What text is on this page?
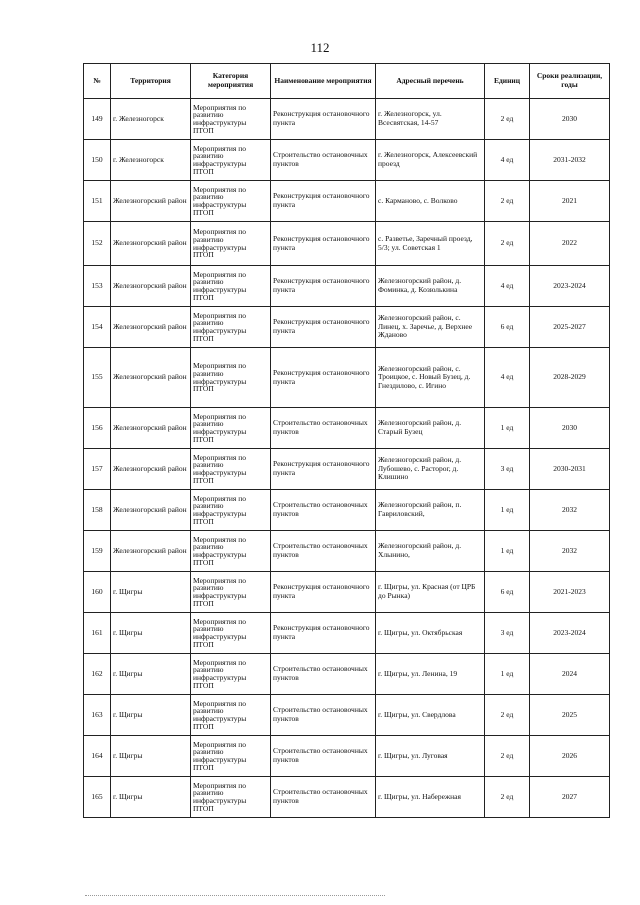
112
№	Территория	Категория мероприятия	Наименование мероприятия	Адресный перечень	Единиц	Сроки реализации, годы
149	г. Железногорск	Мероприятия по развитию инфраструктуры ПТОП	Реконструкция остановочного пункта	г. Железногорск, ул. Всесвятская, 14-57	2 ед	2030
150	г. Железногорск	Мероприятия по развитию инфраструктуры ПТОП	Строительство остановочных пунктов	г. Железногорск, Алексеевский проезд	4 ед	2031-2032
151	Железногорский район	Мероприятия по развитию инфраструктуры ПТОП	Реконструкция остановочного пункта	с. Карманово, с. Волково	2 ед	2021
152	Железногорский район	Мероприятия по развитию инфраструктуры ПТОП	Реконструкция остановочного пункта	с. Разветье, Заречный проезд, 5/3; ул. Советская 1	2 ед	2022
153	Железногорский район	Мероприятия по развитию инфраструктуры ПТОП	Реконструкция остановочного пункта	Железногорский район, д. Фоминка, д. Козюлькина	4 ед	2023-2024
154	Железногорский район	Мероприятия по развитию инфраструктуры ПТОП	Реконструкция остановочного пункта	Железногорский район, с. Линец, х. Заречье, д. Верхнее Жданово	6 ед	2025-2027
155	Железногорский район	Мероприятия по развитию инфраструктуры ПТОП	Реконструкция остановочного пункта	Железногорский район, с. Троицкое, с. Новый Бузец, д. Гнездилово, с. Игино	4 ед	2028-2029
156	Железногорский район	Мероприятия по развитию инфраструктуры ПТОП	Строительство остановочных пунктов	Железногорский район, д. Старый Бузец	1 ед	2030
157	Железногорский район	Мероприятия по развитию инфраструктуры ПТОП	Реконструкция остановочного пункта	Железногорский район, д. Лубошево, с. Расторог, д. Клишино	3 ед	2030-2031
158	Железногорский район	Мероприятия по развитию инфраструктуры ПТОП	Строительство остановочных пунктов	Железногорский район, п. Гавриловский,	1 ед	2032
159	Железногорский район	Мероприятия по развитию инфраструктуры ПТОП	Строительство остановочных пунктов	Железногорский район, д. Хлынино,	1 ед	2032
160	г. Щигры	Мероприятия по развитию инфраструктуры ПТОП	Реконструкция остановочного пункта	г. Щигры, ул. Красная (от ЦРБ до Рынка)	6 ед	2021-2023
161	г. Щигры	Мероприятия по развитию инфраструктуры ПТОП	Реконструкция остановочного пункта	г. Щигры, ул. Октябрьская	3 ед	2023-2024
162	г. Щигры	Мероприятия по развитию инфраструктуры ПТОП	Строительство остановочных пунктов	г. Щигры, ул. Ленина, 19	1 ед	2024
163	г. Щигры	Мероприятия по развитию инфраструктуры ПТОП	Строительство остановочных пунктов	г. Щигры, ул. Свердлова	2 ед	2025
164	г. Щигры	Мероприятия по развитию инфраструктуры ПТОП	Строительство остановочных пунктов	г. Щигры, ул. Луговая	2 ед	2026
165	г. Щигры	Мероприятия по развитию инфраструктуры ПТОП	Строительство остановочных пунктов	г. Щигры, ул. Набережная	2 ед	2027
